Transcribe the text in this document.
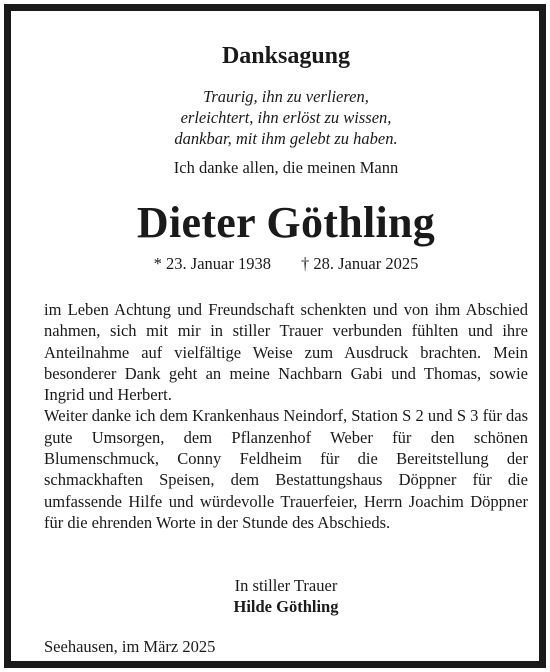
Danksagung
Traurig, ihn zu verlieren,
erleichtert, ihn erlöst zu wissen,
dankbar, mit ihm gelebt zu haben.
Ich danke allen, die meinen Mann
Dieter Göthling
* 23. Januar 1938 † 28. Januar 2025

im Leben Achtung und Freundschaft schenkten und von ihm Abschied nahmen, sich mit mir in stiller Trauer verbunden fühlten und ihre Anteilnahme auf vielfältige Weise zum Ausdruck brachten. Mein besonderer Dank geht an meine Nachbarn Gabi und Thomas, sowie Ingrid und Herbert.

Weiter danke ich dem Krankenhaus Neindorf, Station S 2 und S 3 für das gute Umsorgen, dem Pflanzenhof Weber für den schönen Blumenschmuck, Conny Feldheim für die Bereitstellung der schmackhaften Speisen, dem Bestattungshaus Döppner für die umfassende Hilfe und würdevolle Trauerfeier, Herrn Joachim Döppner für die ehrenden Worte in der Stunde des Abschieds.

In stiller Trauer
Hilde Göthling
Seehausen, im März 2025
